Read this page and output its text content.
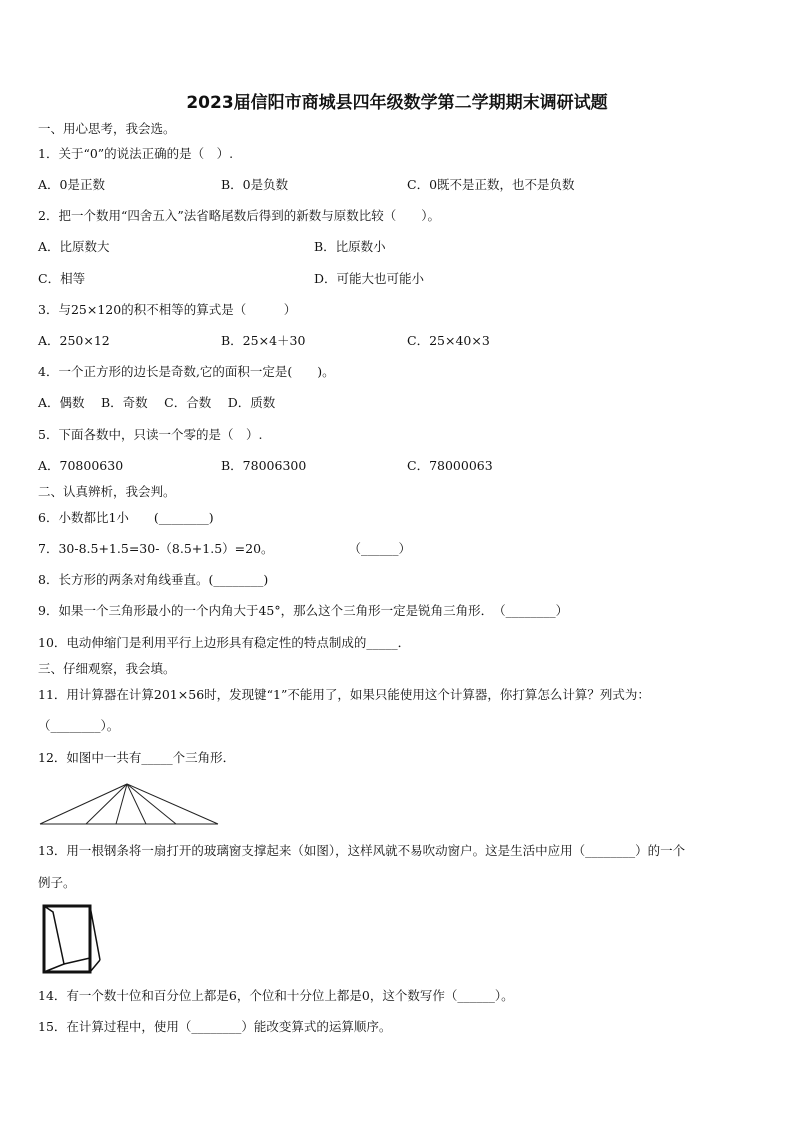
2023届信阳市商城县四年级数学第二学期期末调研试题
一、用心思考，我会选。
1．关于“0”的说法正确的是（　）.
A．0是正数	B．0是负数	C．0既不是正数，也不是负数
2．把一个数用“四舍五入”法省略尾数后得到的新数与原数比较（　　）。
A．比原数大	B．比原数小
C．相等	D．可能大也可能小
3．与25×120的积不相等的算式是（　　　）
A．250×12	B．25×4＋30	C．25×40×3
4．一个正方形的边长是奇数,它的面积一定是(　　)。
A．偶数　 B．奇数　 C．合数　 D．质数
5．下面各数中，只读一个零的是（　）.
A．70800630	B．78006300	C．78000063
二、认真辨析，我会判。
6．小数都比1小　　(________)
7．30-8.5+1.5=30-（8.5+1.5）=20。　　　　　　　（______）
8．长方形的两条对角线垂直。(________)
9．如果一个三角形最小的一个内角大于45°，那么这个三角形一定是锐角三角形．　（________）
10．电动伸缩门是利用平行上边形具有稳定性的特点制成的_____．
三、仔细观察，我会填。
11．用计算器在计算201×56时，发现键“1”不能用了，如果只能使用这个计算器，你打算怎么计算？列式为：
（________）。
12．如图中一共有_____个三角形．
13．用一根钢条将一扇打开的玻璃窗支撑起来（如图），这样风就不易吹动窗户。这是生活中应用（________）的一个
例子。
14．有一个数十位和百分位上都是6，个位和十分位上都是0，这个数写作（______）。
15．在计算过程中，使用（________）能改变算式的运算顺序。
